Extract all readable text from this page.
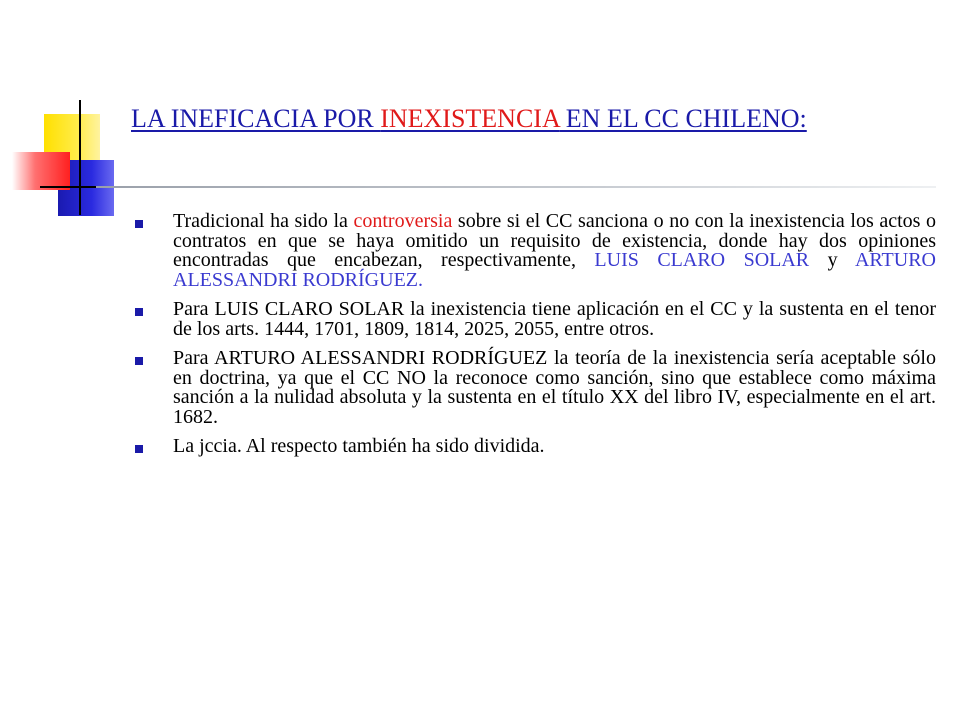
LA INEFICACIA POR INEXISTENCIA EN EL CC CHILENO:
Tradicional ha sido la controversia sobre si el CC sanciona o no con la inexistencia los actos o contratos en que se haya omitido un requisito de existencia, donde hay dos opiniones encontradas que encabezan, respectivamente, LUIS CLARO SOLAR y ARTURO ALESSANDRI RODRÍGUEZ.
Para LUIS CLARO SOLAR la inexistencia tiene aplicación en el CC y la sustenta en el tenor de los arts. 1444, 1701, 1809, 1814, 2025, 2055, entre otros.
Para ARTURO ALESSANDRI RODRÍGUEZ la teoría de la inexistencia sería aceptable sólo en doctrina, ya que el CC NO la reconoce como sanción, sino que establece como máxima sanción a la nulidad absoluta y la sustenta en el título XX del libro IV, especialmente en el art. 1682.
La jccia. Al respecto también ha sido dividida.
